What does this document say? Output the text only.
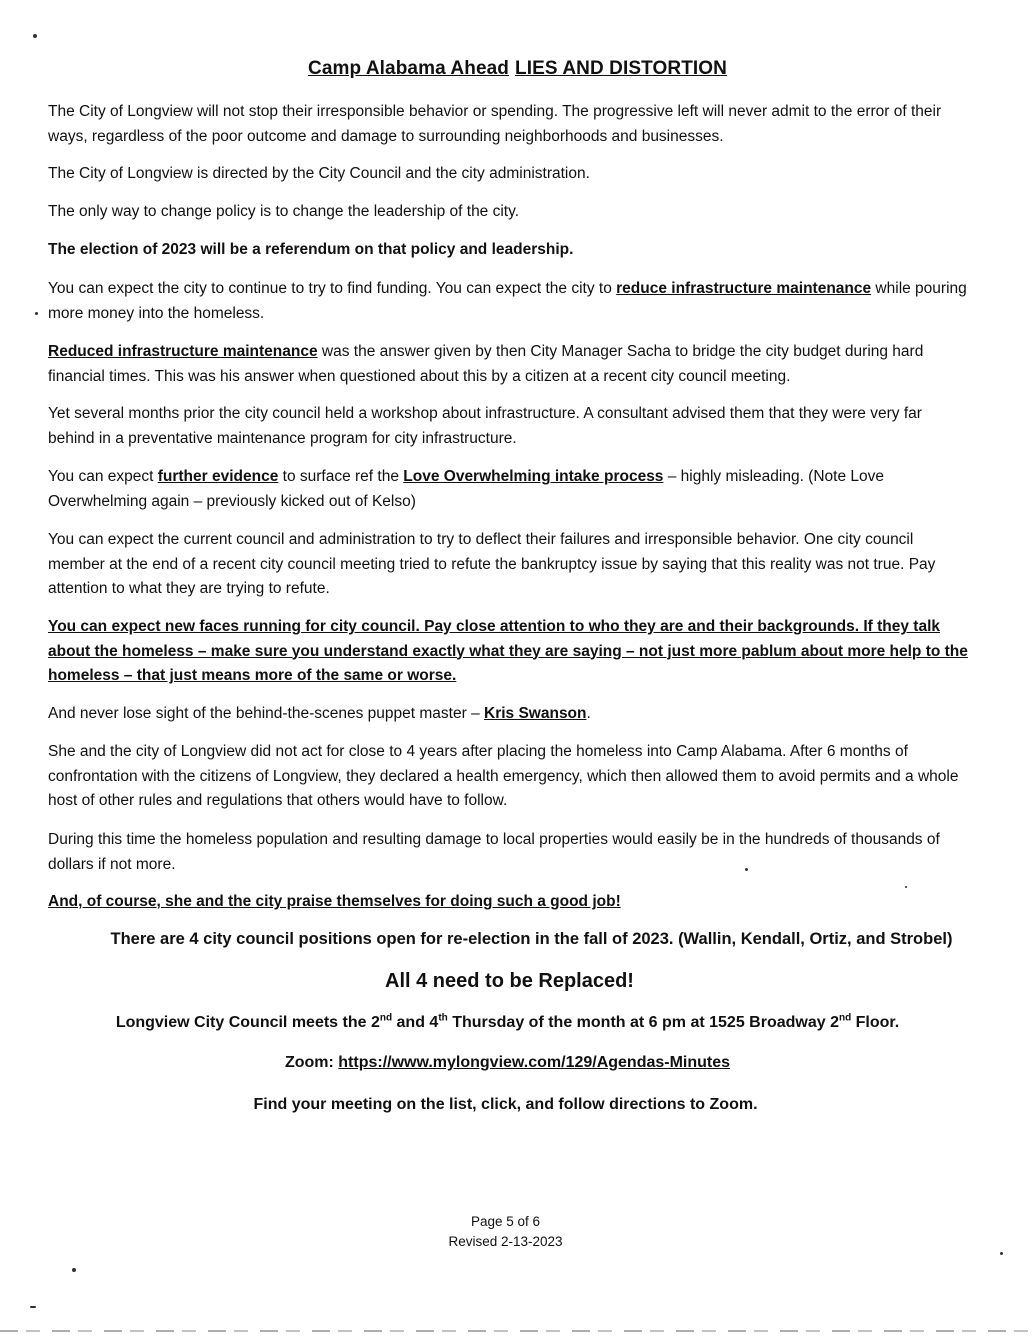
Camp Alabama Ahead LIES AND DISTORTION

The City of Longview will not stop their irresponsible behavior or spending. The progressive left will never admit to the error of their ways, regardless of the poor outcome and damage to surrounding neighborhoods and businesses.

The City of Longview is directed by the City Council and the city administration.

The only way to change policy is to change the leadership of the city.

The election of 2023 will be a referendum on that policy and leadership.

You can expect the city to continue to try to find funding. You can expect the city to reduce infrastructure maintenance while pouring more money into the homeless.

Reduced infrastructure maintenance was the answer given by then City Manager Sacha to bridge the city budget during hard financial times. This was his answer when questioned about this by a citizen at a recent city council meeting.

Yet several months prior the city council held a workshop about infrastructure. A consultant advised them that they were very far behind in a preventative maintenance program for city infrastructure.

You can expect further evidence to surface ref the Love Overwhelming intake process – highly misleading. (Note Love Overwhelming again – previously kicked out of Kelso)

You can expect the current council and administration to try to deflect their failures and irresponsible behavior. One city council member at the end of a recent city council meeting tried to refute the bankruptcy issue by saying that this reality was not true. Pay attention to what they are trying to refute.

You can expect new faces running for city council. Pay close attention to who they are and their backgrounds. If they talk about the homeless – make sure you understand exactly what they are saying – not just more pablum about more help to the homeless – that just means more of the same or worse.

And never lose sight of the behind-the-scenes puppet master – Kris Swanson.

She and the city of Longview did not act for close to 4 years after placing the homeless into Camp Alabama. After 6 months of confrontation with the citizens of Longview, they declared a health emergency, which then allowed them to avoid permits and a whole host of other rules and regulations that others would have to follow.

During this time the homeless population and resulting damage to local properties would easily be in the hundreds of thousands of dollars if not more.

And, of course, she and the city praise themselves for doing such a good job!

There are 4 city council positions open for re-election in the fall of 2023. (Wallin, Kendall, Ortiz, and Strobel)

All 4 need to be Replaced!

Longview City Council meets the 2nd and 4th Thursday of the month at 6 pm at 1525 Broadway 2nd Floor.

Zoom: https://www.mylongview.com/129/Agendas-Minutes

Find your meeting on the list, click, and follow directions to Zoom.

Page 5 of 6

Revised 2-13-2023
